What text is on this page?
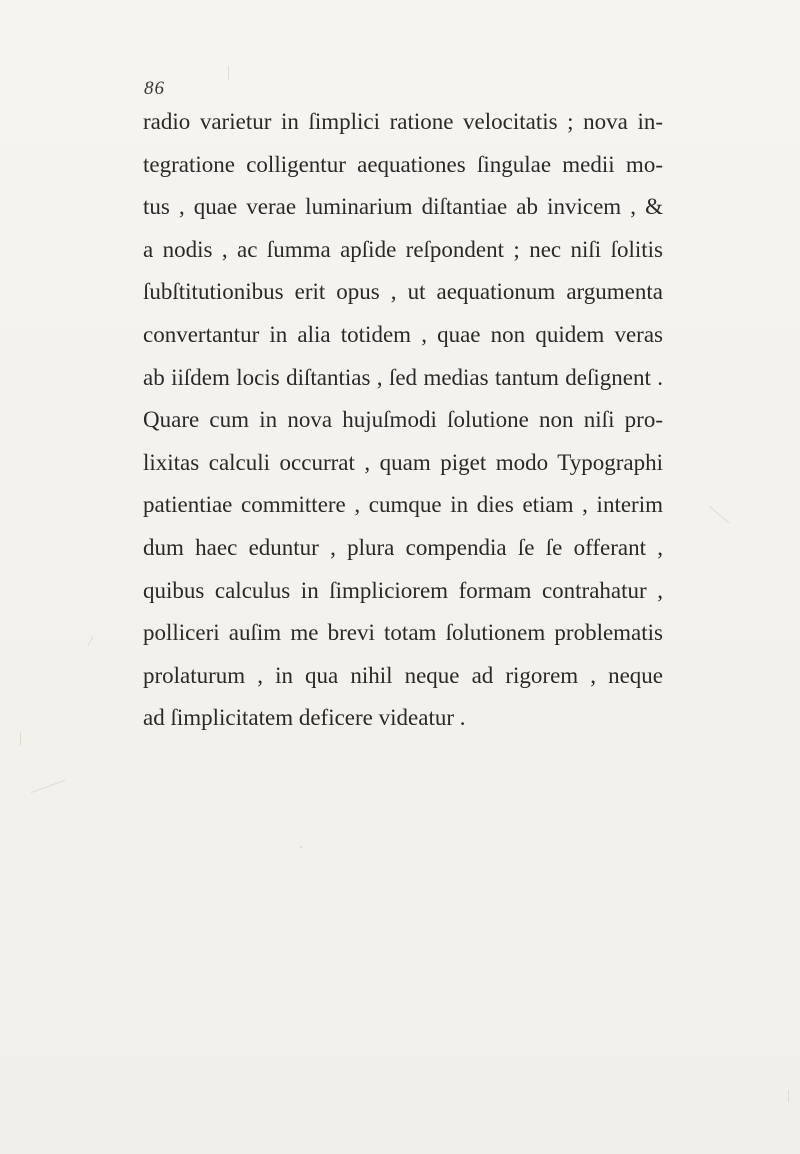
86
radio varietur in ſimplici ratione velocitatis ; nova in-
tegratione colligentur aequationes ſingulae medii mo-
tus , quae verae luminarium diſtantiae ab invicem , &
a nodis , ac ſumma apſide reſpondent ; nec niſi ſolitis
ſubſtitutionibus erit opus , ut aequationum argumenta
convertantur in alia totidem , quae non quidem veras
ab iiſdem locis diſtantias , ſed medias tantum deſignent .
Quare cum in nova hujuſmodi ſolutione non niſi pro-
lixitas calculi occurrat , quam piget modo Typographi
patientiae committere , cumque in dies etiam , interim
dum haec eduntur , plura compendia ſe ſe offerant ,
quibus calculus in ſimpliciorem formam contrahatur ,
polliceri auſim me brevi totam ſolutionem problematis
prolaturum , in qua nihil neque ad rigorem , neque
ad ſimplicitatem deficere videatur .
